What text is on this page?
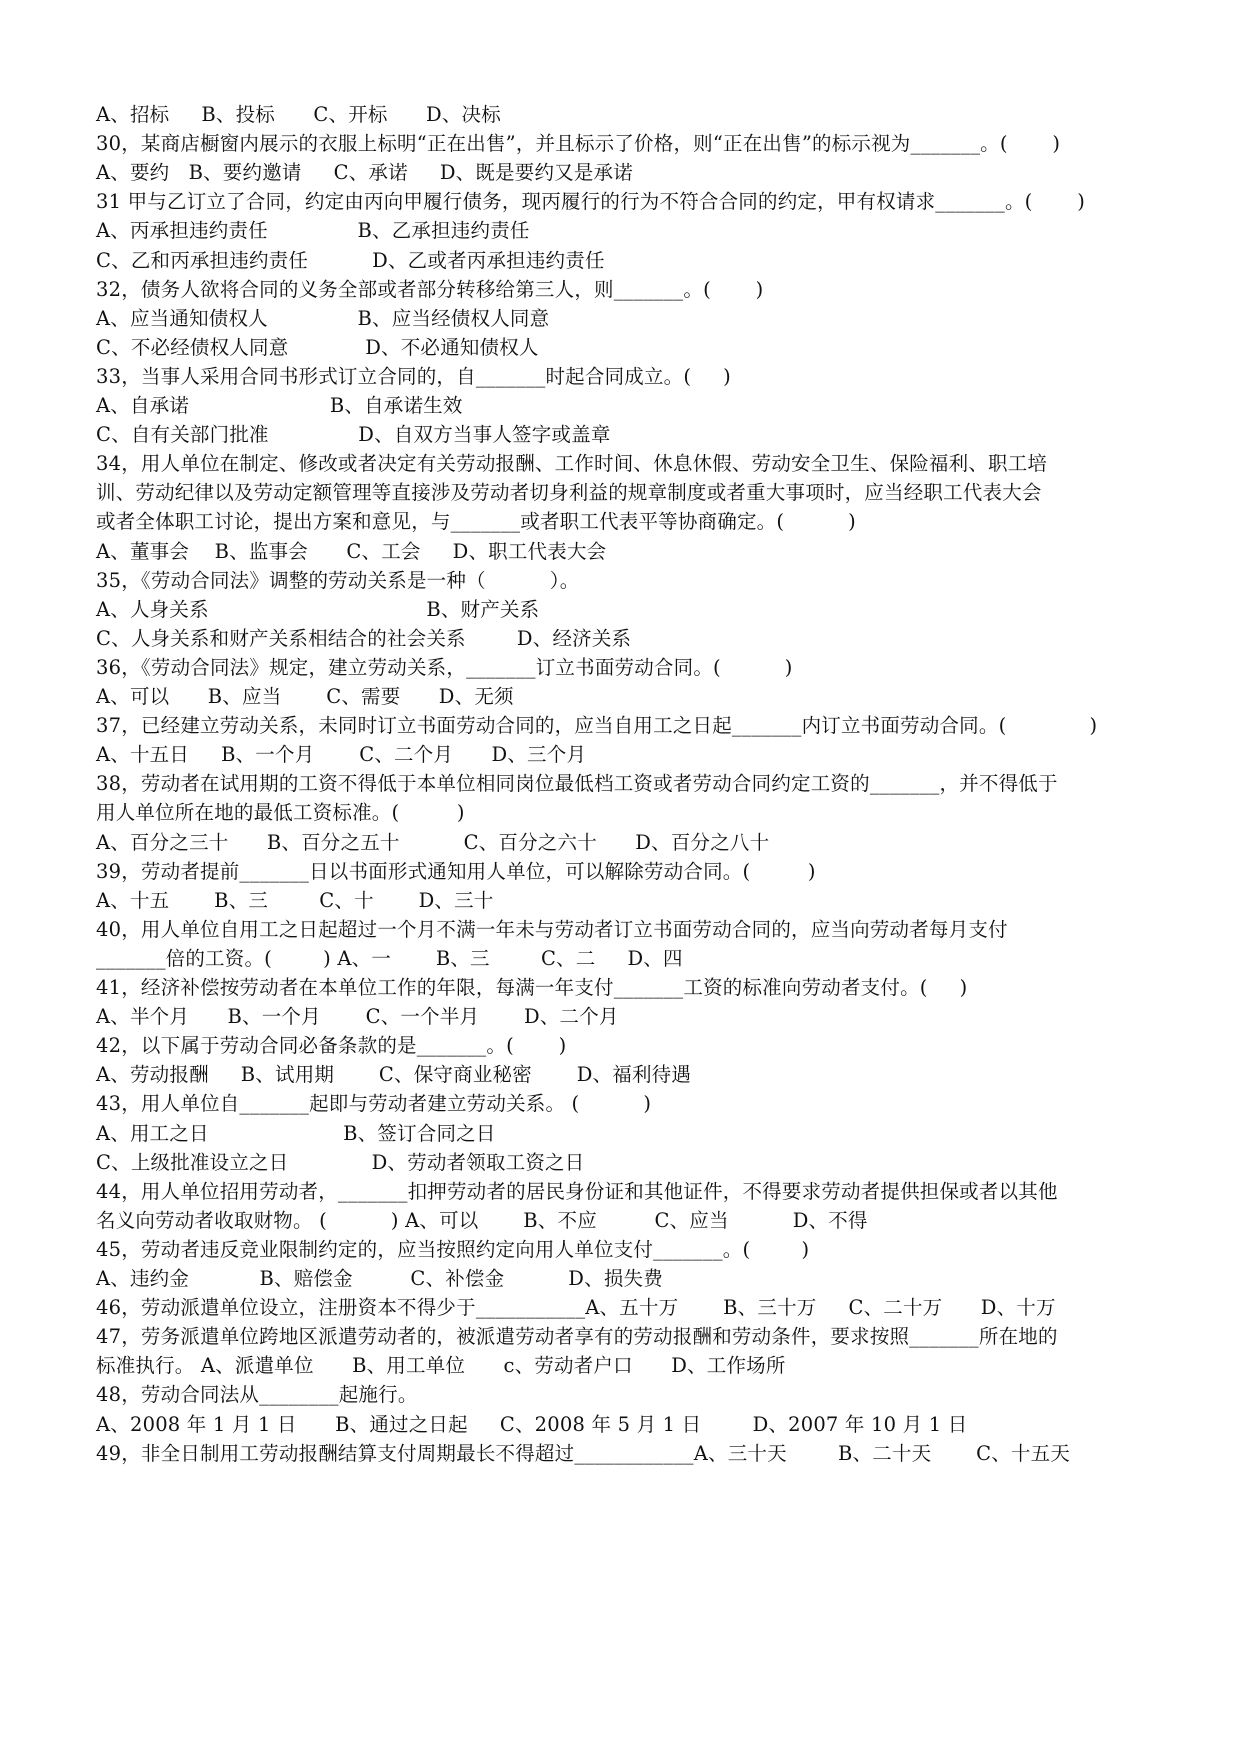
A、招标     B、投标      C、开标      D、决标

30，某商店橱窗内展示的衣服上标明“正在出售”，并且标示了价格，则“正在出售”的标示视为_______。(       )

A、要约   B、要约邀请     C、承诺     D、既是要约又是承诺

31 甲与乙订立了合同，约定由丙向甲履行债务，现丙履行的行为不符合合同的约定，甲有权请求_______。(       )

A、丙承担违约责任              B、乙承担违约责任

C、乙和丙承担违约责任          D、乙或者丙承担违约责任

32，债务人欲将合同的义务全部或者部分转移给第三人，则_______。(       )

A、应当通知债权人              B、应当经债权人同意

C、不必经债权人同意            D、不必通知债权人

33，当事人采用合同书形式订立合同的，自_______时起合同成立。(     )

A、自承诺                      B、自承诺生效

C、自有关部门批准              D、自双方当事人签字或盖章

34，用人单位在制定、修改或者决定有关劳动报酬、工作时间、休息休假、劳动安全卫生、保险福利、职工培

训、劳动纪律以及劳动定额管理等直接涉及劳动者切身利益的规章制度或者重大事项时，应当经职工代表大会

或者全体职工讨论，提出方案和意见，与_______或者职工代表平等协商确定。(          )

A、董事会    B、监事会      C、工会     D、职工代表大会

35，《劳动合同法》调整的劳动关系是一种（          ）。

A、人身关系                                  B、财产关系

C、人身关系和财产关系相结合的社会关系        D、经济关系

36，《劳动合同法》规定，建立劳动关系，_______订立书面劳动合同。(          )

A、可以      B、应当       C、需要      D、无须

37，已经建立劳动关系，未同时订立书面劳动合同的，应当自用工之日起_______内订立书面劳动合同。(             )

A、十五日     B、一个月       C、二个月      D、三个月

38，劳动者在试用期的工资不得低于本单位相同岗位最低档工资或者劳动合同约定工资的_______，并不得低于

用人单位所在地的最低工资标准。(         )

A、百分之三十      B、百分之五十          C、百分之六十      D、百分之八十

39，劳动者提前_______日以书面形式通知用人单位，可以解除劳动合同。(         )

A、十五       B、三        C、十       D、三十

40，用人单位自用工之日起超过一个月不满一年未与劳动者订立书面劳动合同的，应当向劳动者每月支付

_______倍的工资。(        ) A、一       B、三        C、二     D、四

41，经济补偿按劳动者在本单位工作的年限，每满一年支付_______工资的标准向劳动者支付。(     )

A、半个月      B、一个月       C、一个半月       D、二个月

42，以下属于劳动合同必备条款的是_______。(       )

A、劳动报酬     B、试用期       C、保守商业秘密       D、福利待遇

43，用人单位自_______起即与劳动者建立劳动关系。 (          )

A、用工之日                     B、签订合同之日

C、上级批准设立之日             D、劳动者领取工资之日

44，用人单位招用劳动者，_______扣押劳动者的居民身份证和其他证件，不得要求劳动者提供担保或者以其他

名义向劳动者收取财物。 (          ) A、可以       B、不应         C、应当          D、不得

45，劳动者违反竞业限制约定的，应当按照约定向用人单位支付_______。(        )

A、违约金           B、赔偿金         C、补偿金          D、损失费

46，劳动派遣单位设立，注册资本不得少于___________A、五十万       B、三十万     C、二十万      D、十万

47，劳务派遣单位跨地区派遣劳动者的，被派遣劳动者享有的劳动报酬和劳动条件，要求按照_______所在地的

标准执行。 A、派遣单位      B、用工单位      c、劳动者户口      D、工作场所

48，劳动合同法从________起施行。

A、2008 年 1 月 1 日      B、通过之日起     C、2008 年 5 月 1 日        D、2007 年 10 月 1 日

49，非全日制用工劳动报酬结算支付周期最长不得超过____________A、三十天        B、二十天       C、十五天
